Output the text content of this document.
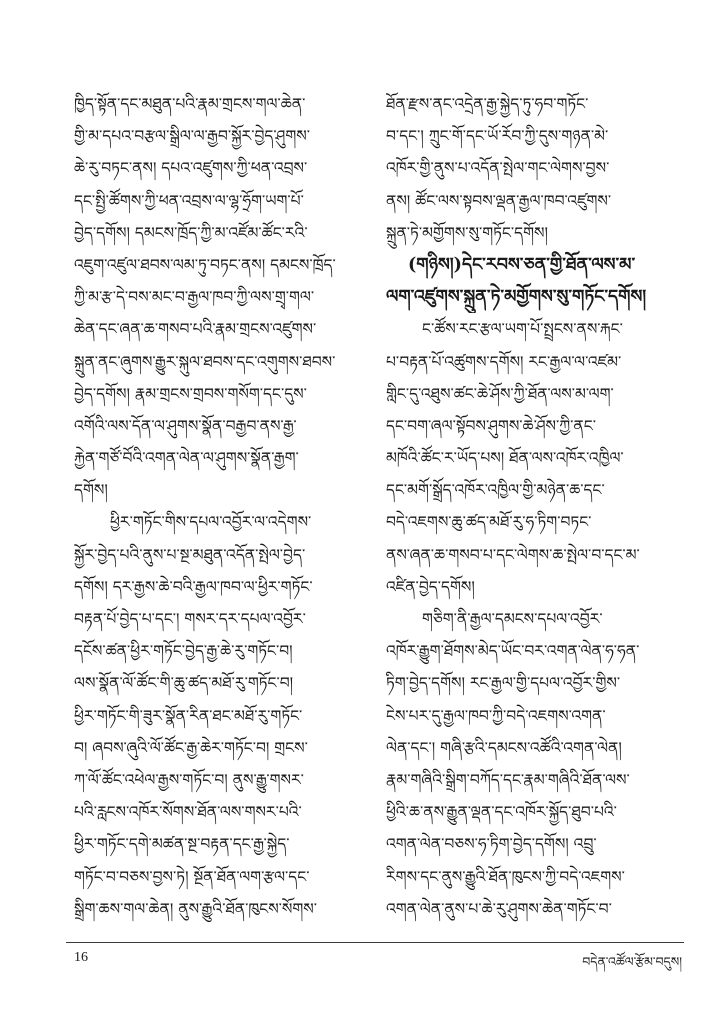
ཁྱིད་སྟོན་དང་མཐུན་པའི་རྣམ་གྲངས་གལ་ཆེན་
གྱི་མ་དཔའ་བརྩལ་སྒྲིལ་ལ་རྒྱབ་སྐྱོར་བྱེད་ཤུགས་
ཆེ་རུ་བཏང་ནས། དཔའ་འཛུགས་ཀྱི་ཕན་འབྲས་
དང་སྤྱི་ཚོགས་ཀྱི་ཕན་འབྲས་ལ་ལྷ་ཧྲོག་ཡག་པོ་
བྱེད་དགོས། དམངས་ཁྲོད་ཀྱི་མ་འཛོམ་ཚོང་རའི་
འཇུག་འཛུལ་ཐབས་ལམ་ཏུ་བཏང་ནས། དམངས་ཁྲོད་
ཀྱི་མ་རྩ་དེ་བས་མང་བ་རྒྱལ་ཁབ་ཀྱི་ལས་གྲྭ་གལ་
ཆེན་དང་ཞན་ཆ་གསབ་པའི་རྣམ་གྲངས་འཛུགས་
སྐྲུན་ནང་ཞུགས་རྒྱུར་སྐུལ་ཐབས་དང་འགུགས་ཐབས་
བྱེད་དགོས། རྣམ་གྲངས་གྲབས་གསོག་དང་དུས་
འགོའི་ལས་དོན་ལ་ཤུགས་སྣོན་བརྒྱབ་ནས་རྒྱ་
རྐྱེན་གཙོ་བོའི་འགན་ལེན་ལ་ཤུགས་སྣོན་རྒྱག་
དགོས།
ཕྱིར་གཏོང་གིས་དཔལ་འབྱོར་ལ་འདེགས་
སྐྱོར་བྱེད་པའི་ནུས་པ་སྔ་མཐུན་འདོན་སྤེལ་བྱེད་
དགོས། དར་རྒྱས་ཆེ་བའི་རྒྱལ་ཁབ་ལ་ཕྱིར་གཏོང་
བརྟན་པོ་བྱེད་པ་དང་། གསར་དར་དཔལ་འབྱོར་
དངོས་ཚན་ཕྱིར་གཏོང་བྱེད་རྒྱ་ཆེ་རུ་གཏོང་བ།
ལས་སྣོན་ལོ་ཚོང་གི་ཆུ་ཚད་མཐོ་རུ་གཏོང་བ།
ཕྱིར་གཏོང་གི་ཟུར་སྣོན་རིན་ཐང་མཐོ་རུ་གཏོང་
བ། ཞབས་ཞུའི་ལོ་ཚོང་རྒྱ་ཆེར་གཏོང་བ། གྲངས་
ཀ་ལོ་ཚོང་འཕེལ་རྒྱས་གཏོང་བ། ནུས་རྒྱུ་གསར་
པའི་རླངས་འཁོར་སོགས་ཐོན་ལས་གསར་པའི་
ཕྱིར་གཏོང་དགེ་མཚན་སྔ་བརྟན་དང་རྒྱ་སྐྱེད་
གཏོང་བ་བཅས་བྱས་ཏེ། སྔོན་ཐོན་ལག་རྩལ་དང་
སྒྲིག་ཆས་གལ་ཆེན། ནུས་རྒྱུའི་ཐོན་ཁུངས་སོགས་
ཐོན་རྫས་ནང་འདྲེན་རྒྱ་སྐྱེད་ཏུ་ཧབ་གཏོང་
བ་དང་། ཀྲུང་གོ་དང་ཡོ་རོབ་ཀྱི་དུས་གཉན་མེ་
འཁོར་གྱི་ནུས་པ་འདོན་སྤེལ་གང་ལེགས་བྱས་
ནས། ཚོང་ལས་སྟབས་ལྡན་རྒྱལ་ཁབ་འཛུགས་
སྐྲུན་ཏེ་མགྱོགས་སུ་གཏོང་དགོས།
(གཉིས།)དེང་རབས་ཅན་གྱི་ཐོན་ལས་མ་
ལག་འཛུགས་སྐྲུན་ཏེ་མགྱོགས་སུ་གཏོང་དགོས།
ང་ཚོས་རང་རྩལ་ཡག་པོ་སྤྲངས་ནས་རྐང་
པ་བརྟན་པོ་འཚུགས་དགོས། རང་རྒྱལ་ལ་འཛམ་
གླིང་དུ་འཐུས་ཚང་ཆེ་ཤོས་ཀྱི་ཐོན་ལས་མ་ལག་
དང་བག་ཞལ་སྟོབས་ཤུགས་ཆེ་ཤོས་ཀྱི་ནང་
མཁོའི་ཚོང་ར་ཡོད་པས། ཐོན་ལས་འཁོར་འཁྱིལ་
དང་མགོ་སྒྲོད་འཁོར་འཁྱིལ་གྱི་མཉེན་ཆ་དང་
བདེ་འཇགས་ཆུ་ཚད་མཐོ་རུ་ཧ་ཏིག་བཏང་
ནས་ཞན་ཆ་གསབ་པ་དང་ལེགས་ཆ་སྤེལ་བ་དང་མ་
འཛིན་བྱེད་དགོས།
གཅིག་ནི་རྒྱལ་དམངས་དཔལ་འབྱོར་
འཁོར་རྒྱུག་ཐོགས་མེད་ཡོང་བར་འགན་ལེན་ཧ་ཧན་
ཏིག་བྱེད་དགོས། རང་རྒྱལ་གྱི་དཔལ་འབྱོར་གྱིས་
ངེས་པར་དུ་རྒྱལ་ཁབ་ཀྱི་བདེ་འཇགས་འགན་
ལེན་དང་། གཞི་རྩའི་དམངས་འཚོའི་འགན་ལེན།
རྣམ་གཞིའི་སྒྲིག་བཀོད་དང་རྣམ་གཞིའི་ཐོན་ལས་
ཕྱིའི་ཆ་ནས་རྒྱུན་ལྡན་དང་འཁོར་སྐྱོད་ཐུབ་པའི་
འགན་ལེན་བཅས་ཧ་ཏིག་བྱེད་དགོས། འབྲུ་
རིགས་དང་ནུས་རྒྱུའི་ཐོན་ཁུངས་ཀྱི་བདེ་འཇགས་
འགན་ལེན་ནུས་པ་ཆེ་རུ་ཤུགས་ཆེན་གཏོང་བ་
16	བདེན་འཚོལ་རྩོམ་བདུས།
